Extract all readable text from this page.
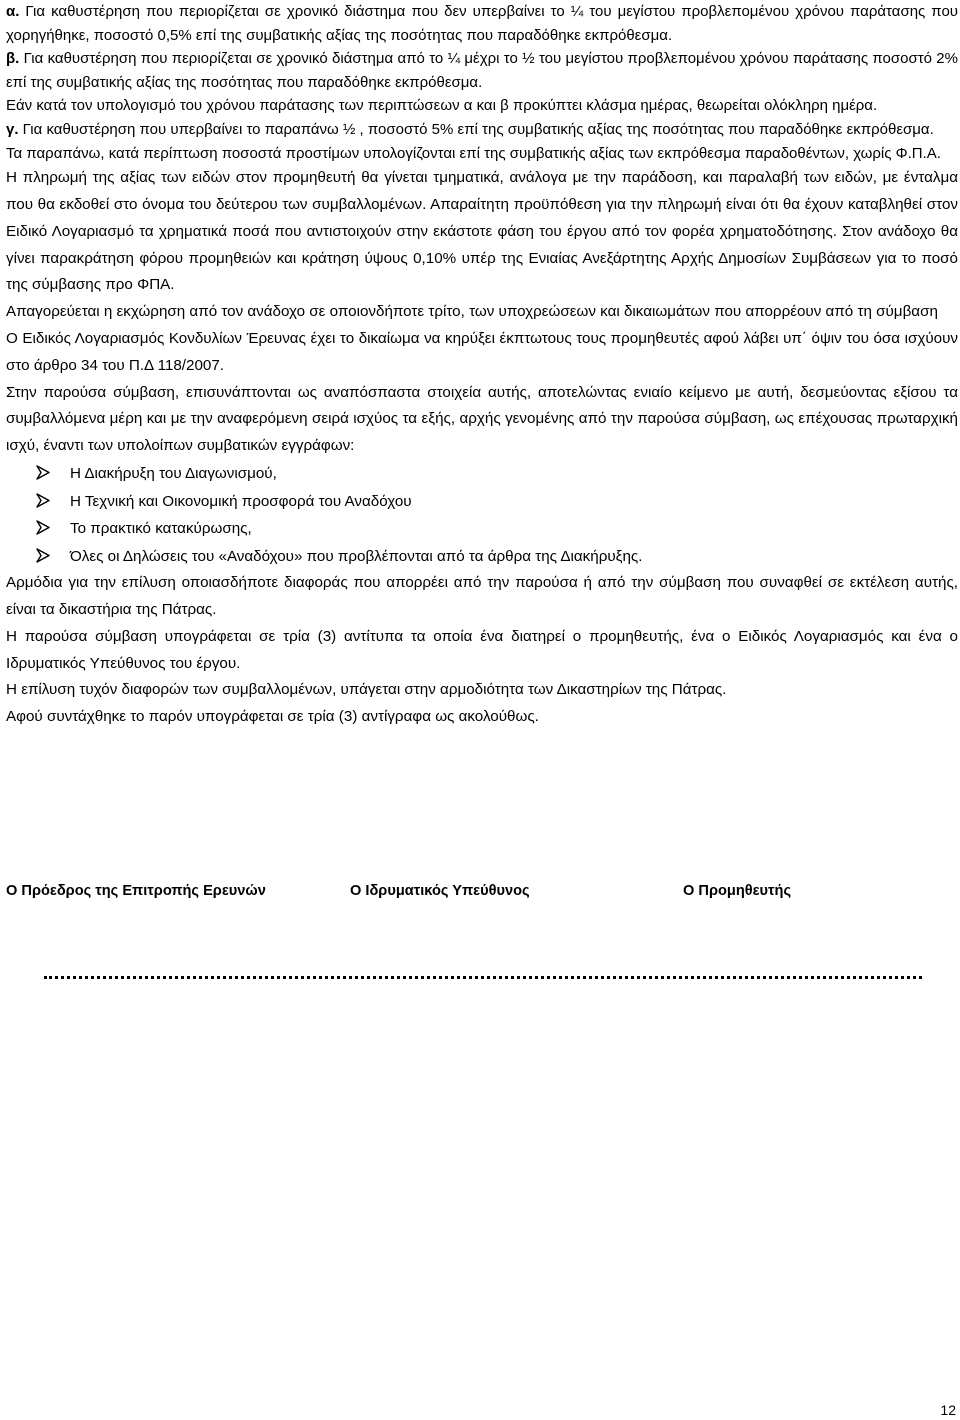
α. Για καθυστέρηση που περιορίζεται σε χρονικό διάστημα που δεν υπερβαίνει το ¼ του μεγίστου προβλεπομένου χρόνου παράτασης που χορηγήθηκε, ποσοστό 0,5% επί της συμβατικής αξίας της ποσότητας που παραδόθηκε εκπρόθεσμα.

β. Για καθυστέρηση που περιορίζεται σε χρονικό διάστημα από το ¼ μέχρι το ½ του μεγίστου προβλεπομένου χρόνου παράτασης ποσοστό 2% επί της συμβατικής αξίας της ποσότητας που παραδόθηκε εκπρόθεσμα.

Εάν κατά τον υπολογισμό του χρόνου παράτασης των περιπτώσεων α και β προκύπτει κλάσμα ημέρας, θεωρείται ολόκληρη ημέρα.

γ. Για καθυστέρηση που υπερβαίνει το παραπάνω ½ , ποσοστό 5% επί της συμβατικής αξίας της ποσότητας που παραδόθηκε εκπρόθεσμα.

Τα παραπάνω, κατά περίπτωση ποσοστά προστίμων υπολογίζονται επί της συμβατικής αξίας των εκπρόθεσμα παραδοθέντων, χωρίς Φ.Π.Α.

Η πληρωμή της αξίας των ειδών στον προμηθευτή θα γίνεται τμηματικά, ανάλογα με την παράδοση, και παραλαβή των ειδών, με ένταλμα που θα εκδοθεί στο όνομα του δεύτερου των συμβαλλομένων. Απαραίτητη προϋπόθεση για την πληρωμή είναι ότι θα έχουν καταβληθεί στον Ειδικό Λογαριασμό τα χρηματικά ποσά που αντιστοιχούν στην εκάστοτε φάση του έργου από τον φορέα χρηματοδότησης. Στον ανάδοχο θα γίνει παρακράτηση φόρου προμηθειών και κράτηση ύψους 0,10% υπέρ της Ενιαίας Ανεξάρτητης Αρχής Δημοσίων Συμβάσεων για το ποσό της σύμβασης προ ΦΠΑ.

Απαγορεύεται η εκχώρηση από τον ανάδοχο σε οποιονδήποτε τρίτο, των υποχρεώσεων και δικαιωμάτων που απορρέουν από τη σύμβαση

Ο Ειδικός Λογαριασμός Κονδυλίων Έρευνας έχει το δικαίωμα να κηρύξει έκπτωτους τους προμηθευτές αφού λάβει υπ΄ όψιν του όσα ισχύουν στο άρθρο 34 του Π.Δ 118/2007.

Στην παρούσα σύμβαση, επισυνάπτονται ως αναπόσπαστα στοιχεία αυτής, αποτελώντας ενιαίο κείμενο με αυτή, δεσμεύοντας εξίσου τα συμβαλλόμενα μέρη και με την αναφερόμενη σειρά ισχύος τα εξής, αρχής γενομένης από την παρούσα σύμβαση, ως επέχουσας πρωταρχική ισχύ, έναντι των υπολοίπων συμβατικών εγγράφων:

Η Διακήρυξη του Διαγωνισμού,
Η Τεχνική και Οικονομική προσφορά του Αναδόχου
Το πρακτικό κατακύρωσης,
Όλες οι Δηλώσεις του «Αναδόχου» που προβλέπονται από τα άρθρα της Διακήρυξης.

Αρμόδια για την επίλυση οποιασδήποτε διαφοράς που απορρέει από την παρούσα ή από την σύμβαση που συναφθεί σε εκτέλεση αυτής, είναι τα δικαστήρια της Πάτρας.

Η παρούσα σύμβαση υπογράφεται σε τρία (3) αντίτυπα τα οποία ένα διατηρεί ο προμηθευτής, ένα ο Ειδικός Λογαριασμός και ένα ο Ιδρυματικός Υπεύθυνος του έργου.

Η επίλυση τυχόν διαφορών των συμβαλλομένων, υπάγεται στην αρμοδιότητα των Δικαστηρίων της Πάτρας.

Αφού συντάχθηκε το παρόν υπογράφεται σε τρία (3) αντίγραφα ως ακολούθως.

Ο Πρόεδρος της Επιτροπής Ερευνών	Ο Ιδρυματικός Υπεύθυνος	Ο Προμηθευτής
12
